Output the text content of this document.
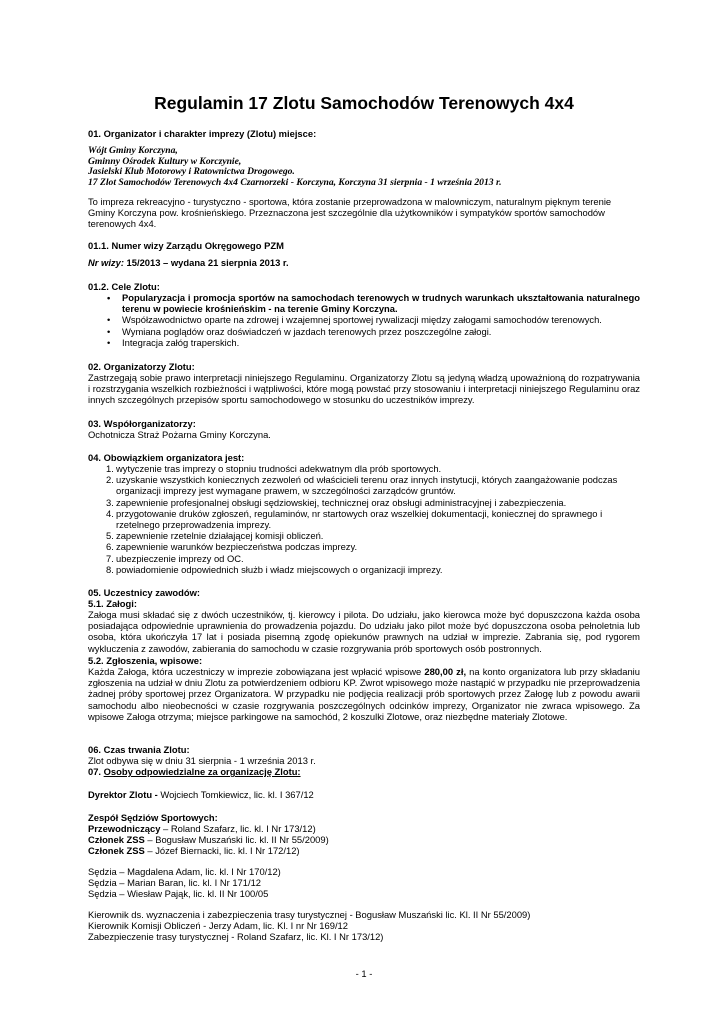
Regulamin 17 Zlotu Samochodów Terenowych 4x4
01. Organizator i charakter imprezy (Zlotu) miejsce:

Wójt Gminy Korczyna,

Gminny Ośrodek Kultury w Korczynie,

Jasielski Klub Motorowy i Ratownictwa Drogowego.

17 Zlot Samochodów Terenowych 4x4 Czarnorzeki - Korczyna, Korczyna 31 sierpnia - 1 września 2013 r.

To impreza rekreacyjno - turystyczno - sportowa, która zostanie przeprowadzona w malowniczym, naturalnym pięknym terenie Gminy Korczyna pow. krośnieńskiego. Przeznaczona jest szczególnie dla użytkowników i sympatyków sportów samochodów terenowych 4x4.
01.1. Numer wizy Zarządu Okręgowego PZM
Nr wizy: 15/2013 – wydana 21 sierpnia 2013 r.
01.2. Cele Zlotu:
• Popularyzacja i promocja sportów na samochodach terenowych w trudnych warunkach ukształtowania naturalnego terenu w powiecie krośnieńskim - na terenie Gminy Korczyna.
• Współzawodnictwo oparte na zdrowej i wzajemnej sportowej rywalizacji między załogami samochodów terenowych.
• Wymiana poglądów oraz doświadczeń w jazdach terenowych przez poszczególne załogi.
• Integracja załóg traperskich.
02. Organizatorzy Zlotu:
Zastrzegają sobie prawo interpretacji niniejszego Regulaminu. Organizatorzy Zlotu są jedyną władzą upoważnioną do rozpatrywania i rozstrzygania wszelkich rozbieżności i wątpliwości, które mogą powstać przy stosowaniu i interpretacji niniejszego Regulaminu oraz innych szczególnych przepisów sportu samochodowego w stosunku do uczestników imprezy.
03. Współorganizatorzy:
Ochotnicza Straż Pożarna Gminy Korczyna.
04. Obowiązkiem organizatora jest:
1. wytyczenie tras imprezy o stopniu trudności adekwatnym dla prób sportowych.
2. uzyskanie wszystkich koniecznych zezwoleń od właścicieli terenu oraz innych instytucji, których zaangażowanie podczas organizacji imprezy jest wymagane prawem, w szczególności zarządców gruntów.
3. zapewnienie profesjonalnej obsługi sędziowskiej, technicznej oraz obsługi administracyjnej i zabezpieczenia.
4. przygotowanie druków zgłoszeń, regulaminów, nr startowych oraz wszelkiej dokumentacji, koniecznej do sprawnego i rzetelnego przeprowadzenia imprezy.
5. zapewnienie rzetelnie działającej komisji obliczeń.
6. zapewnienie warunków bezpieczeństwa podczas imprezy.
7. ubezpieczenie imprezy od OC.
8. powiadomienie odpowiednich służb i władz miejscowych o organizacji imprezy.
05. Uczestnicy zawodów:
5.1. Załogi:
Załoga musi składać się z dwóch uczestników, tj. kierowcy i pilota. Do udziału, jako kierowca może być dopuszczona każda osoba posiadająca odpowiednie uprawnienia do prowadzenia pojazdu. Do udziału jako pilot może być dopuszczona osoba pełnoletnia lub osoba, która ukończyła 17 lat i posiada pisemną zgodę opiekunów prawnych na udział w imprezie. Zabrania się, pod rygorem wykluczenia z zawodów, zabierania do samochodu w czasie rozgrywania prób sportowych osób postronnych.
5.2. Zgłoszenia, wpisowe:
Każda Załoga, która uczestniczy w imprezie zobowiązana jest wpłacić wpisowe 280,00 zł, na konto organizatora lub przy składaniu zgłoszenia na udział w dniu Zlotu za potwierdzeniem odbioru KP. Zwrot wpisowego może nastąpić w przypadku nie przeprowadzenia żadnej próby sportowej przez Organizatora. W przypadku nie podjęcia realizacji prób sportowych przez Załogę lub z powodu awarii samochodu albo nieobecności w czasie rozgrywania poszczególnych odcinków imprezy, Organizator nie zwraca wpisowego. Za wpisowe Załoga otrzyma; miejsce parkingowe na samochód, 2 koszulki Zlotowe, oraz niezbędne materiały Zlotowe.
06. Czas trwania Zlotu:
Zlot odbywa się w dniu 31 sierpnia - 1 września 2013 r.
07. Osoby odpowiedzialne za organizację Zlotu:
Dyrektor Zlotu - Wojciech Tomkiewicz, lic. kl. I 367/12
Zespół Sędziów Sportowych:

Przewodniczący – Roland Szafarz, lic. kl. I Nr 173/12)

Członek ZSS – Bogusław Muszański lic. kl. II Nr 55/2009)

Członek ZSS – Józef Biernacki, lic. kl. I Nr 172/12)

Sędzia – Magdalena Adam, lic. kl. I Nr 170/12)

Sędzia – Marian Baran, lic. kl. I Nr 171/12

Sędzia – Wiesław Pająk, lic. kl. II Nr 100/05

Kierownik ds. wyznaczenia i zabezpieczenia trasy turystycznej - Bogusław Muszański lic. Kl. II Nr 55/2009)

Kierownik Komisji Obliczeń - Jerzy Adam, lic. Kl. I nr Nr 169/12

Zabezpieczenie trasy turystycznej - Roland Szafarz, lic. Kl. I Nr 173/12)

- 1 -
